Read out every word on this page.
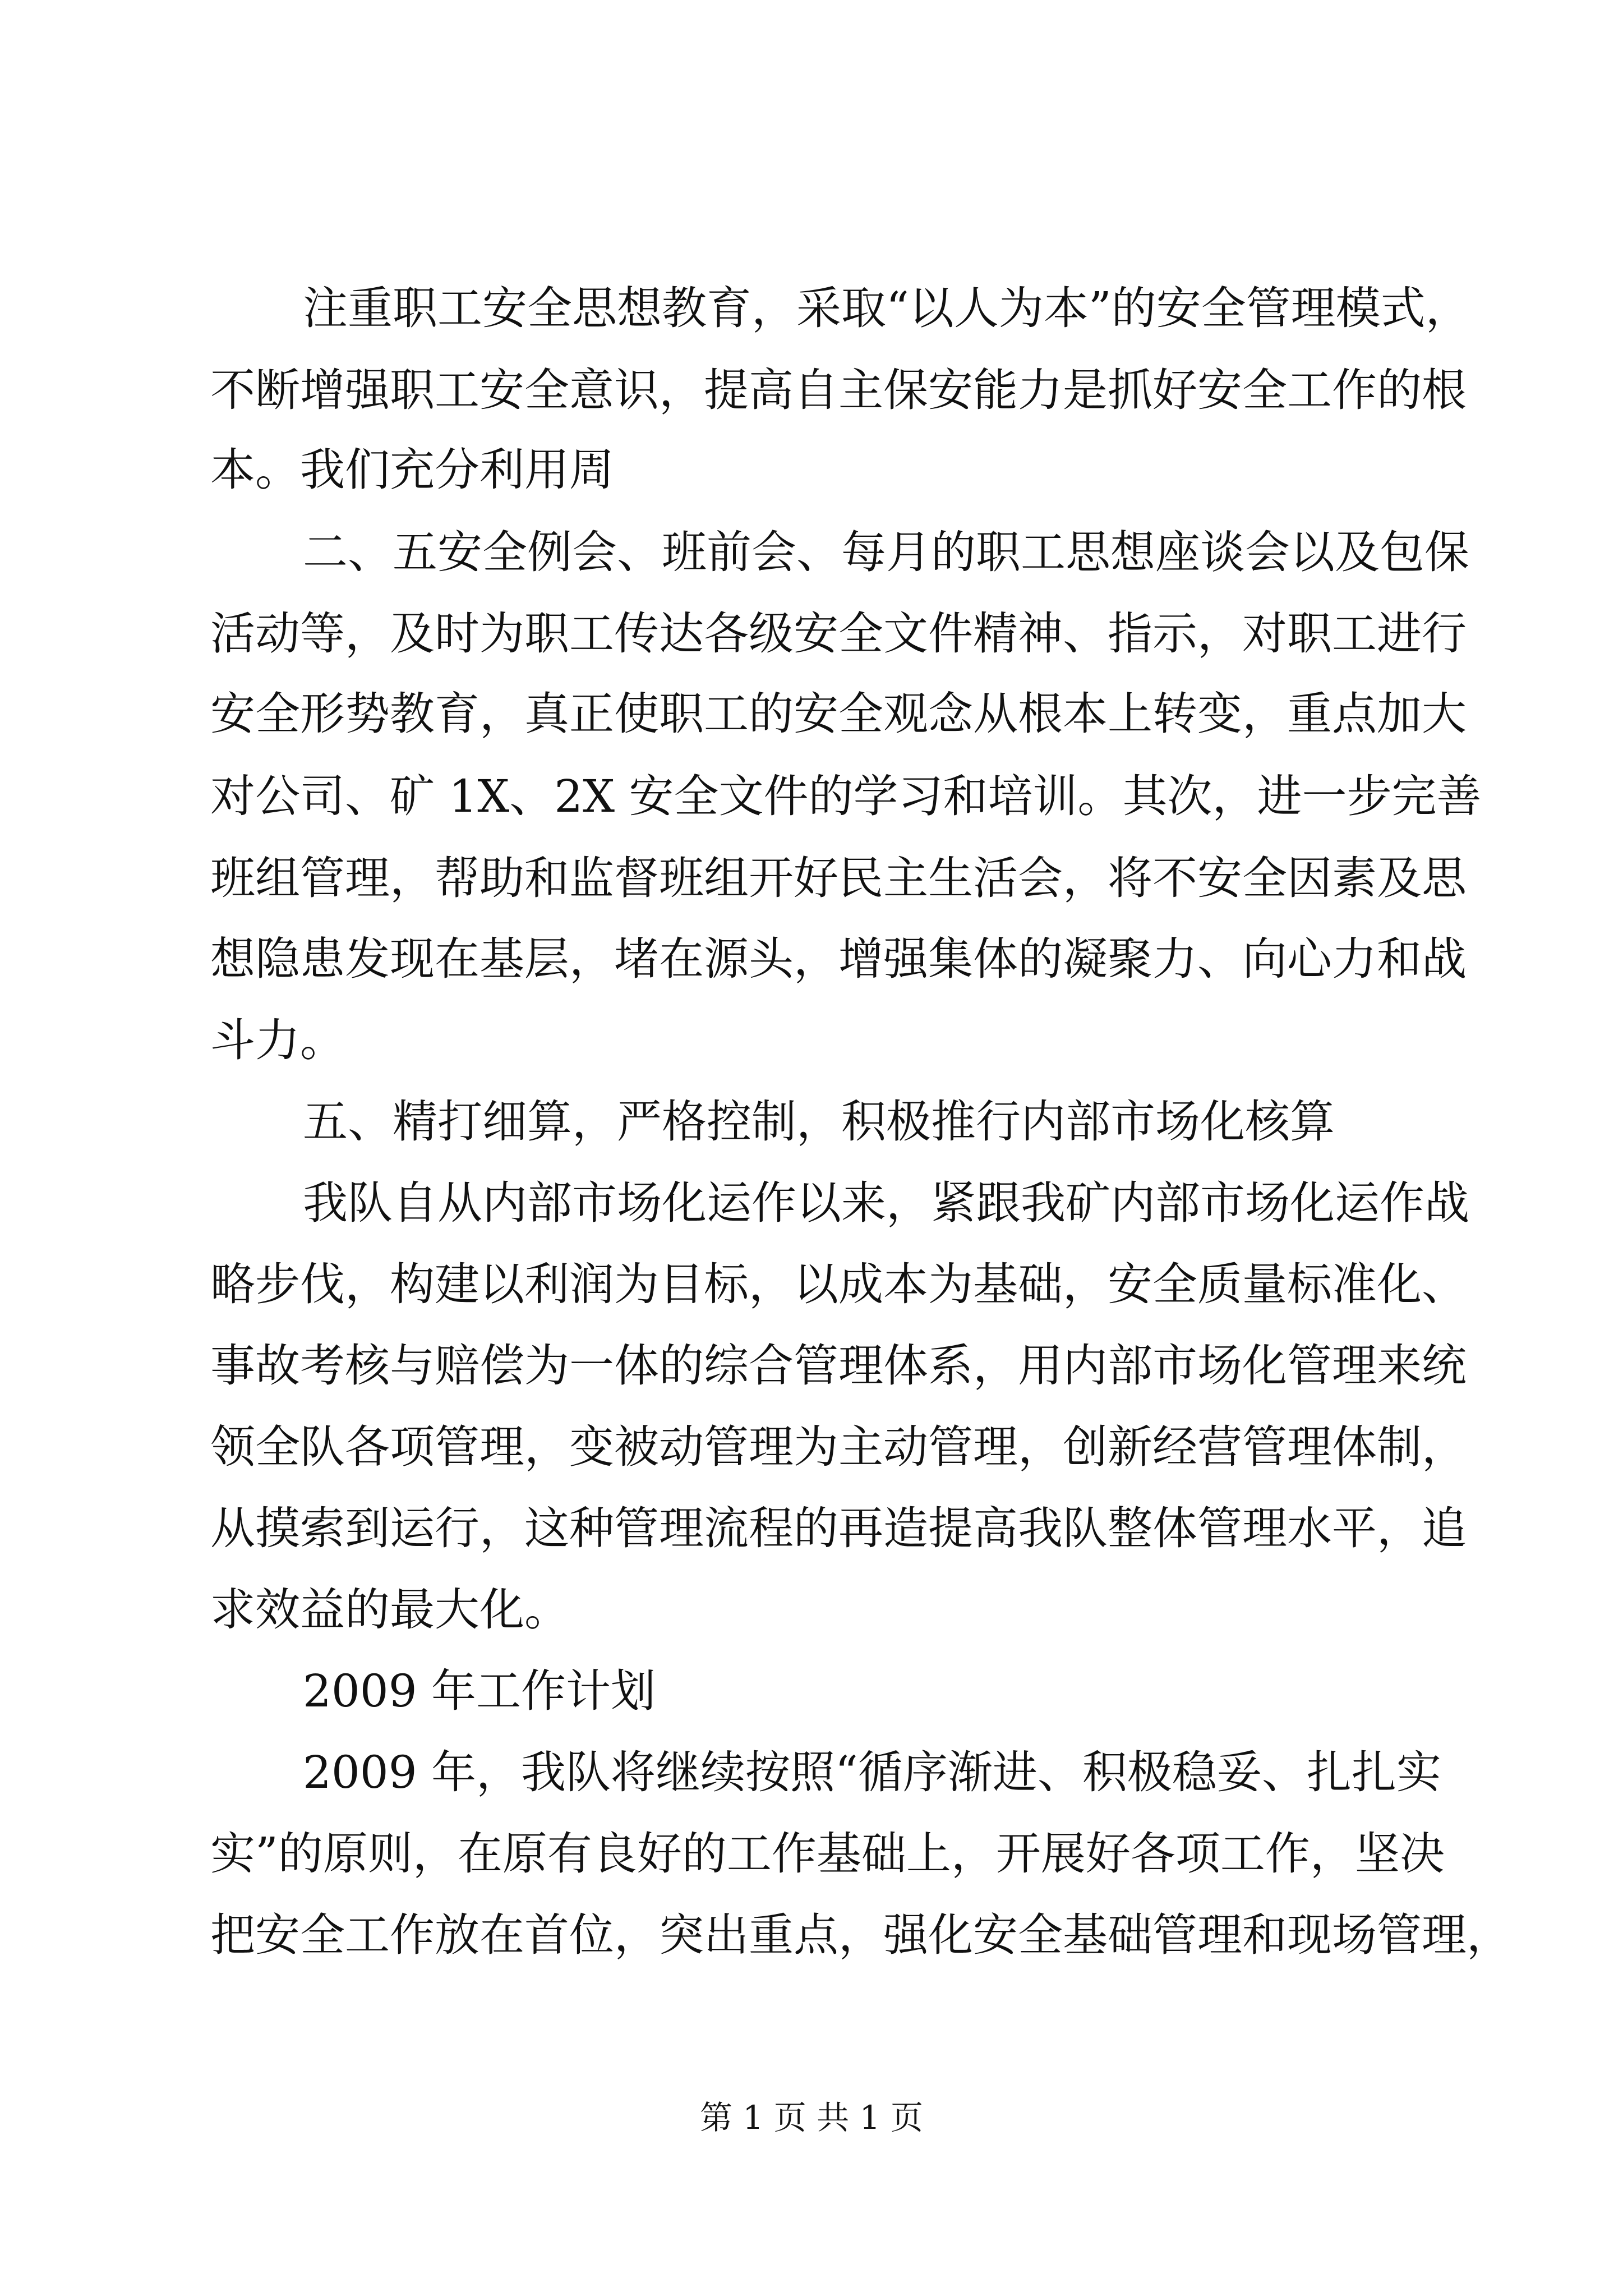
注重职工安全思想教育，采取“以人为本”的安全管理模式，
不断增强职工安全意识，提高自主保安能力是抓好安全工作的根
本。我们充分利用周
二、五安全例会、班前会、每月的职工思想座谈会以及包保
活动等，及时为职工传达各级安全文件精神、指示，对职工进行
安全形势教育，真正使职工的安全观念从根本上转变，重点加大
对公司、矿 1X、2X 安全文件的学习和培训。其次，进一步完善
班组管理，帮助和监督班组开好民主生活会，将不安全因素及思
想隐患发现在基层，堵在源头，增强集体的凝聚力、向心力和战
斗力。
五、精打细算，严格控制，积极推行内部市场化核算
我队自从内部市场化运作以来，紧跟我矿内部市场化运作战
略步伐，构建以利润为目标，以成本为基础，安全质量标准化、
事故考核与赔偿为一体的综合管理体系，用内部市场化管理来统
领全队各项管理，变被动管理为主动管理，创新经营管理体制，
从摸索到运行，这种管理流程的再造提高我队整体管理水平，追
求效益的最大化。
2009 年工作计划
2009 年，我队将继续按照“循序渐进、积极稳妥、扎扎实
实”的原则，在原有良好的工作基础上，开展好各项工作，坚决
把安全工作放在首位，突出重点，强化安全基础管理和现场管理，
第 1 页 共 1 页
